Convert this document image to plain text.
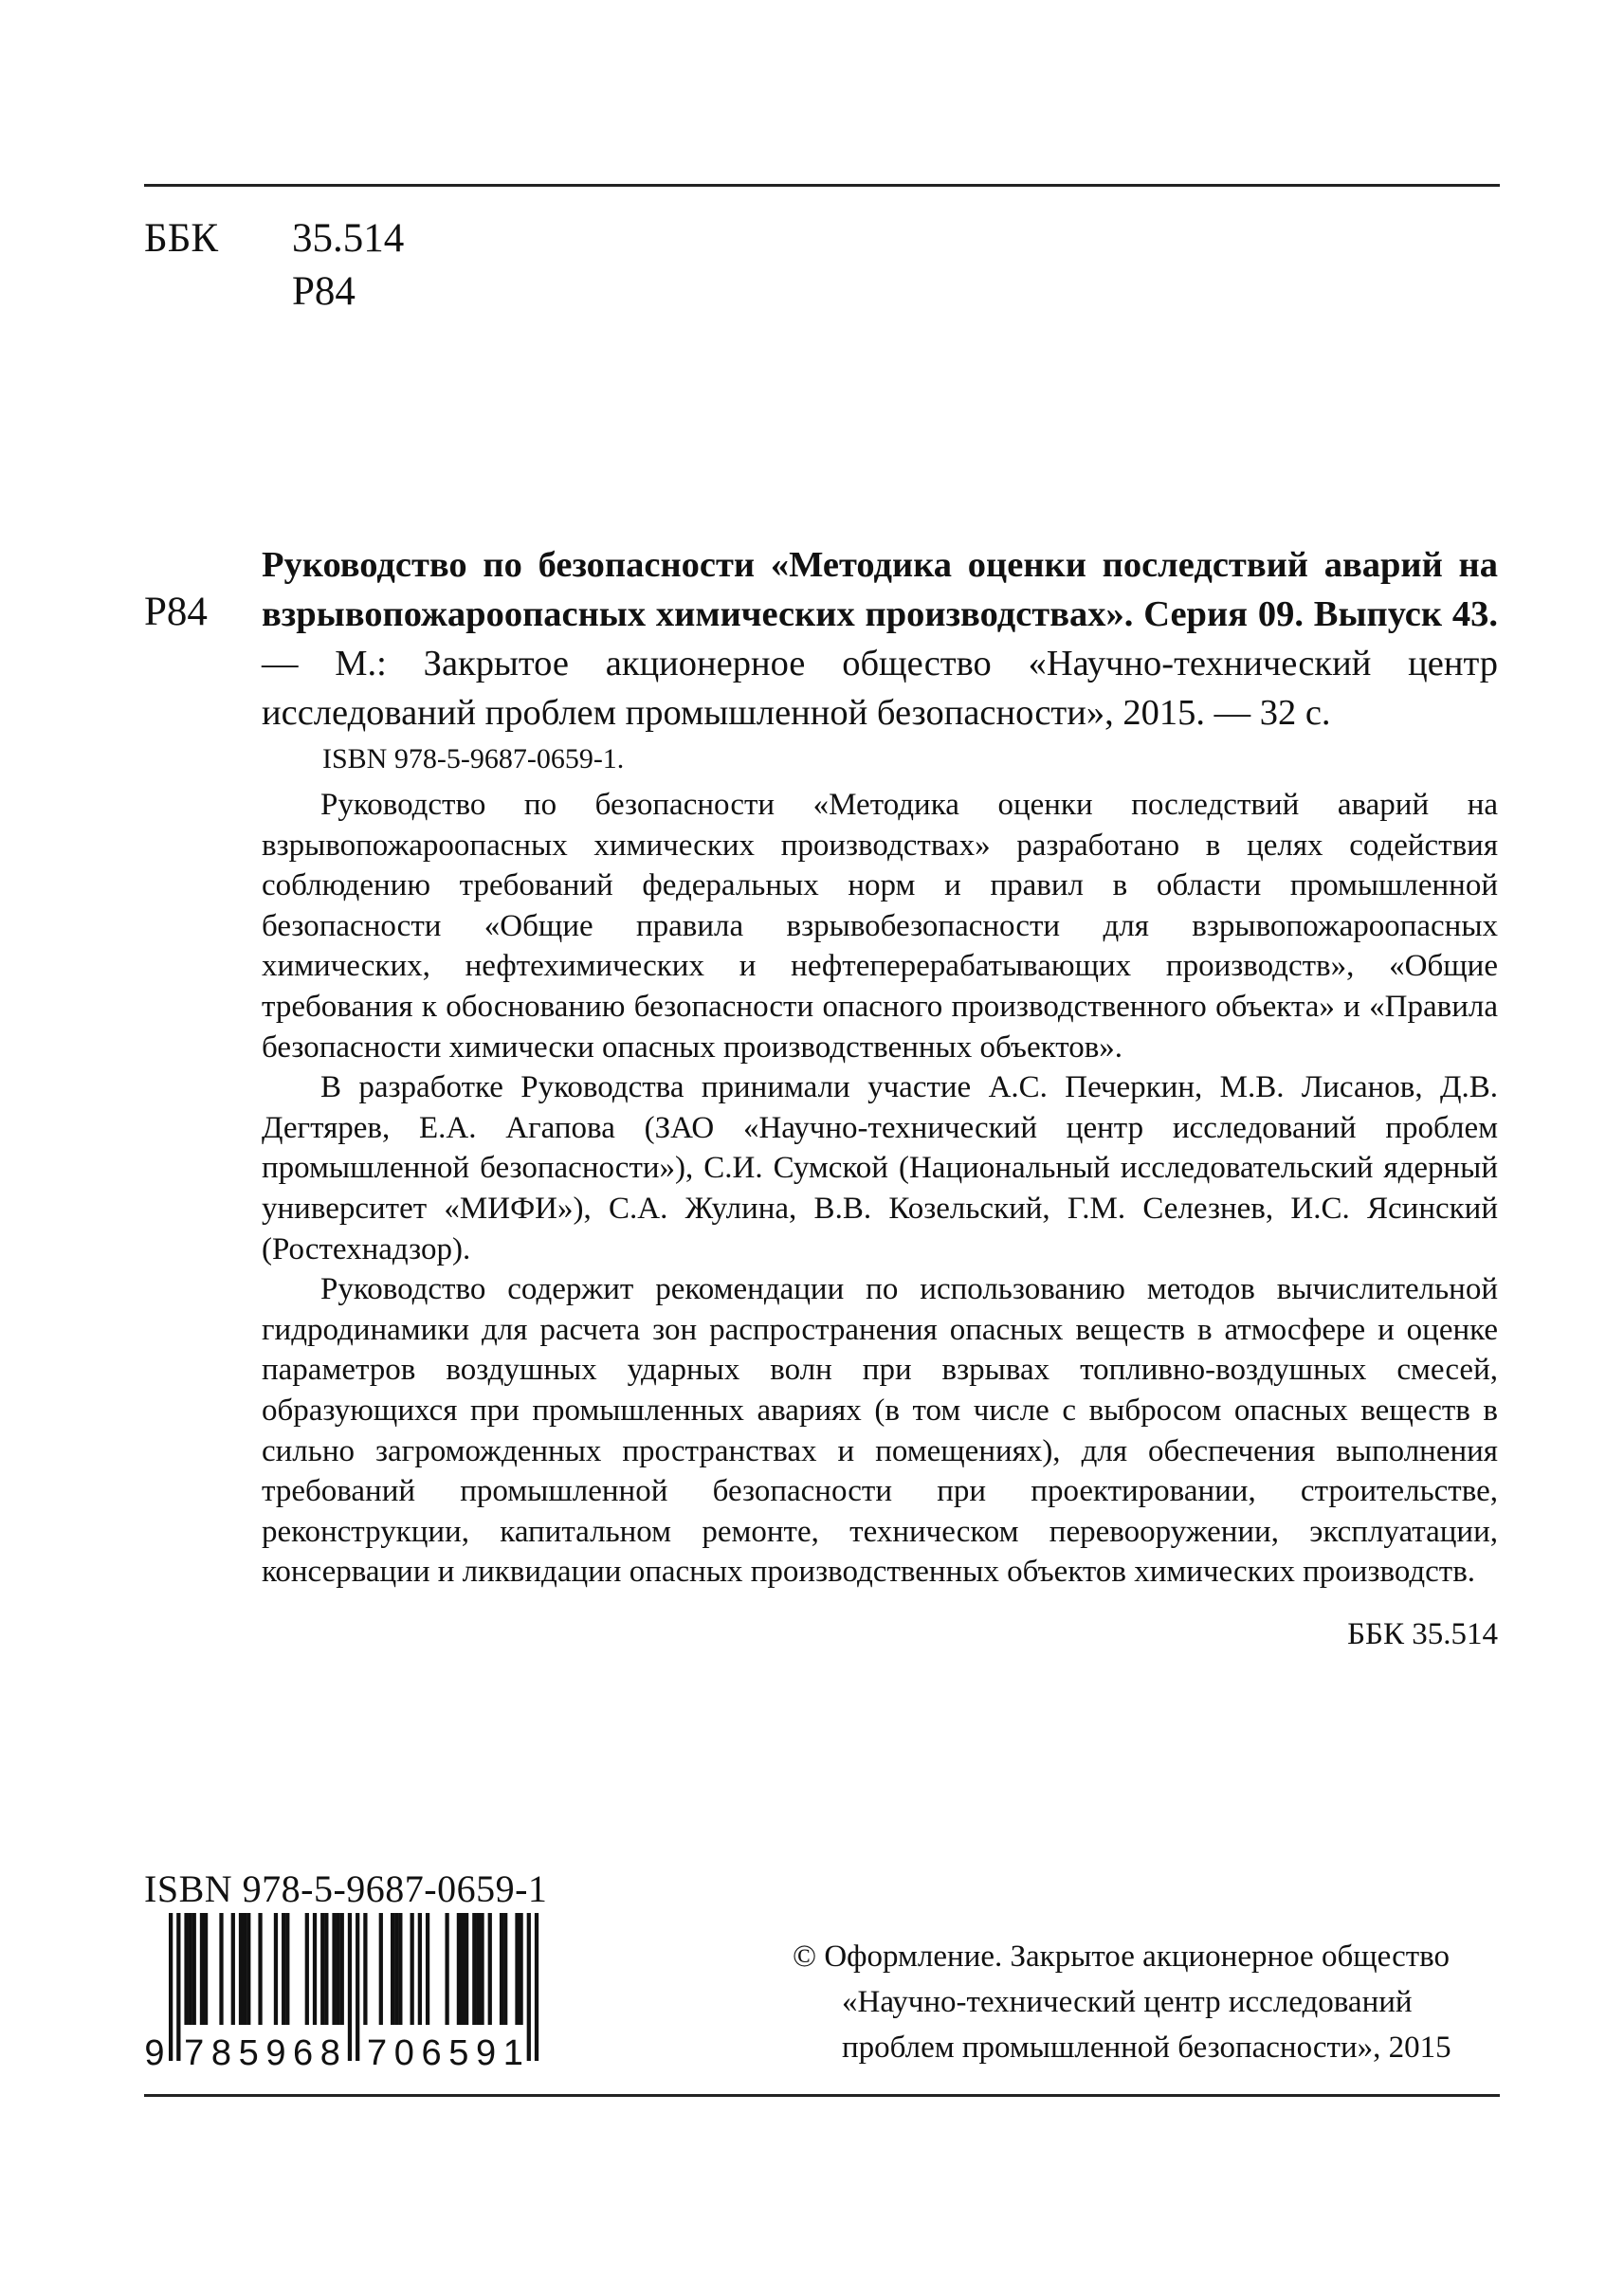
ББК 35.514
Р84
Р84
Руководство по безопасности «Методика оценки последствий аварий на взрывопожароопасных химических производствах». Серия 09. Выпуск 43. — М.: Закрытое акционерное общество «Научно-технический центр исследований проблем промышленной безопасности», 2015. — 32 с.
ISBN 978-5-9687-0659-1.

Руководство по безопасности «Методика оценки последствий аварий на взрывопожароопасных химических производствах» разработано в целях содействия соблюдению требований федеральных норм и правил в области промышленной безопасности «Общие правила взрывобезопасности для взрывопожароопасных химических, нефтехимических и нефтеперерабатывающих производств», «Общие требования к обоснованию безопасности опасного производственного объекта» и «Правила безопасности химически опасных производственных объектов».

В разработке Руководства принимали участие А.С. Печеркин, М.В. Лисанов, Д.В. Дегтярев, Е.А. Агапова (ЗАО «Научно-технический центр исследований проблем промышленной безопасности»), С.И. Сумской (Национальный исследовательский ядерный университет «МИФИ»), С.А. Жулина, В.В. Козельский, Г.М. Селезнев, И.С. Ясинский (Ростехнадзор).

Руководство содержит рекомендации по использованию методов вычислительной гидродинамики для расчета зон распространения опасных веществ в атмосфере и оценке параметров воздушных ударных волн при взрывах топливно-воздушных смесей, образующихся при промышленных авариях (в том числе с выбросом опасных веществ в сильно загроможденных пространствах и помещениях), для обеспечения выполнения требований промышленной безопасности при проектировании, строительстве, реконструкции, капитальном ремонте, техническом перевооружении, эксплуатации, консервации и ликвидации опасных производственных объектов химических производств.

ББК 35.514
ISBN 978-5-9687-0659-1
9 7 8 5 9 6 8 7 0 6 5 9 1
© Оформление. Закрытое акционерное общество
«Научно-технический центр исследований
проблем промышленной безопасности», 2015
